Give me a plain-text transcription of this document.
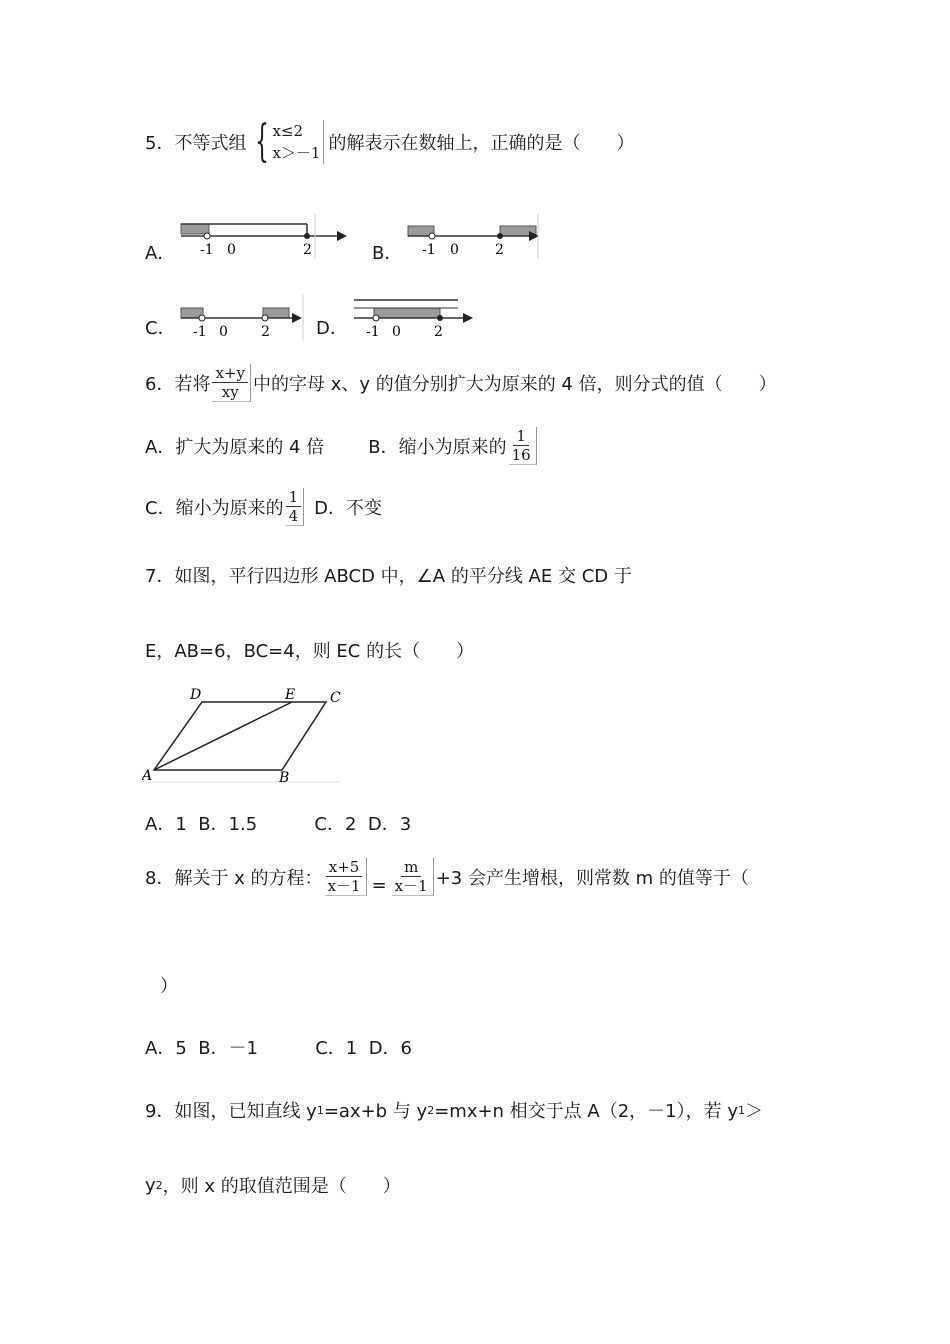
5．不等式组 { x≤2
x＞－1 的解表示在数轴上，正确的是（　　）
A． -1 0	2	B． -1 0	2
C． -1 0 2	D． -1 0 2
6．若将 $\frac{x+y}{xy}$ 中的字母 x、y 的值分别扩大为原来的 4 倍，则分式的值（　　）
A．扩大为原来的 4 倍 B．缩小为原来的 $\frac{1}{16}$
C．缩小为原来的 $\frac{1}{4}$ D．不变
7．如图，平行四边形 ABCD 中，∠A 的平分线 AE 交 CD 于
E，AB=6，BC=4，则 EC 的长（　　）
D	E C
A	B
A．1  B．1.5          C．2  D．3
8．解关于 x 的方程： $\frac{x+5}{x-1} = \frac{m}{x-1} +3$ 会产生增根，则常数 m 的值等于（
）
A．5  B．－1          C．1  D．6
9．如图，已知直线 y 1 =ax+b 与 y 2 =mx+n 相交于点 A（2，－1），若 y 1 ＞
y 2 ，则 x 的取值范围是（　　）
